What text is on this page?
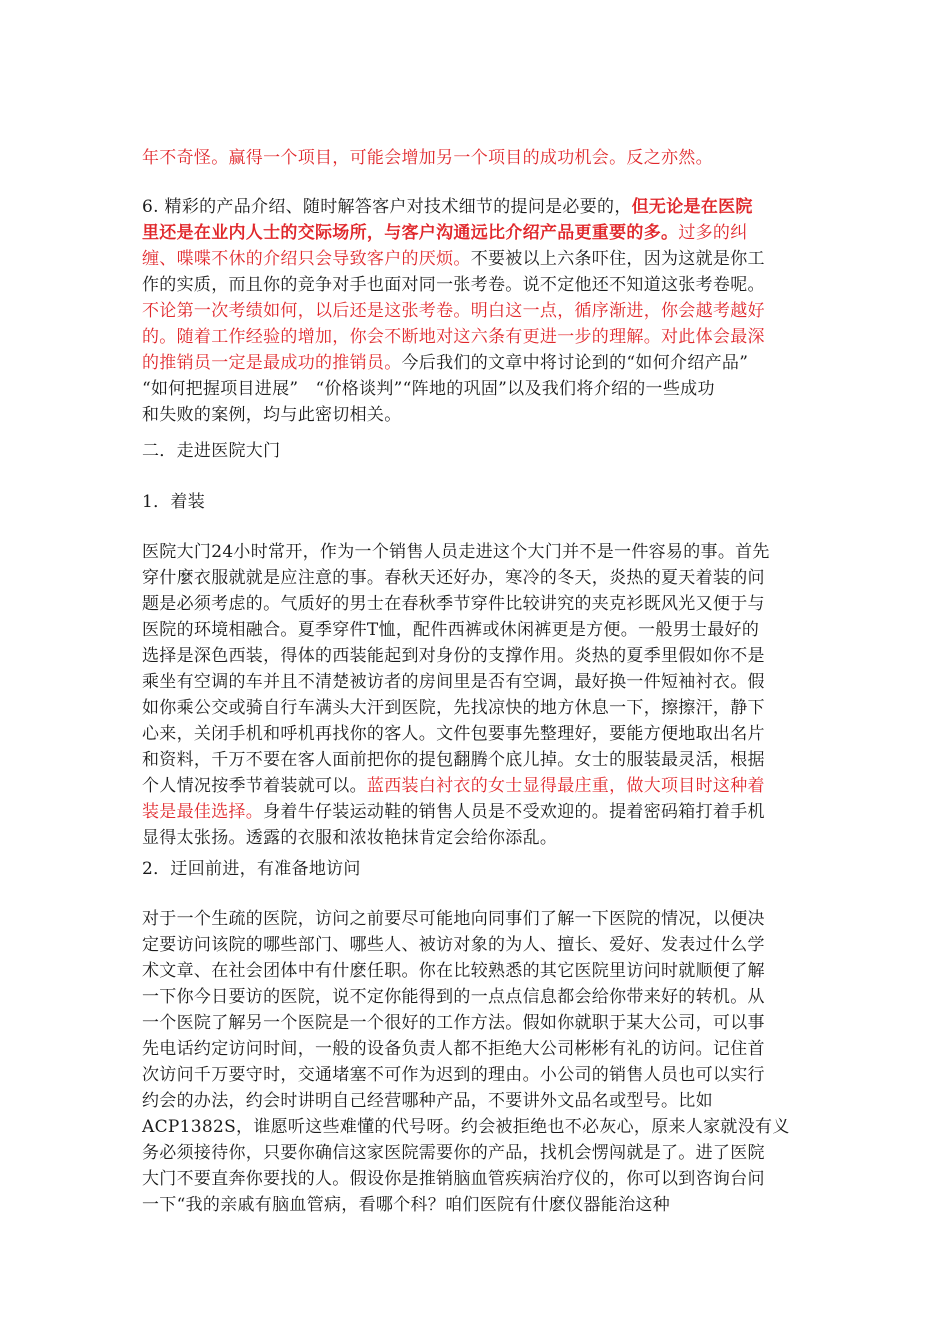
年不奇怪。赢得一个项目，可能会增加另一个项目的成功机会。反之亦然。

6. 精彩的产品介绍、随时解答客户对技术细节的提问是必要的，但无论是在医院
里还是在业内人士的交际场所，与客户沟通远比介绍产品更重要的多。过多的纠
缠、喋喋不休的介绍只会导致客户的厌烦。不要被以上六条吓住，因为这就是你工
作的实质，而且你的竞争对手也面对同一张考卷。说不定他还不知道这张考卷呢。
不论第一次考绩如何，以后还是这张考卷。明白这一点，循序渐进，你会越考越好
的。随着工作经验的增加，你会不断地对这六条有更进一步的理解。对此体会最深
的推销员一定是最成功的推销员。今后我们的文章中将讨论到的“如何介绍产品”
“如何把握项目进展”   “价格谈判”“阵地的巩固”以及我们将介绍的一些成功
和失败的案例，均与此密切相关。

二．走进医院大门

1．着装

医院大门24小时常开，作为一个销售人员走进这个大门并不是一件容易的事。首先
穿什麼衣服就就是应注意的事。春秋天还好办，寒冷的冬天，炎热的夏天着装的问
题是必须考虑的。气质好的男士在春秋季节穿件比较讲究的夹克衫既风光又便于与
医院的环境相融合。夏季穿件T恤，配件西裤或休闲裤更是方便。一般男士最好的
选择是深色西装，得体的西装能起到对身份的支撑作用。炎热的夏季里假如你不是
乘坐有空调的车并且不清楚被访者的房间里是否有空调，最好换一件短袖衬衣。假
如你乘公交或骑自行车满头大汗到医院，先找凉快的地方休息一下，擦擦汗，静下
心来，关闭手机和呼机再找你的客人。文件包要事先整理好，要能方便地取出名片
和资料，千万不要在客人面前把你的提包翻腾个底儿掉。女士的服装最灵活，根据
个人情况按季节着装就可以。蓝西装白衬衣的女士显得最庄重，做大项目时这种着
装是最佳选择。身着牛仔装运动鞋的销售人员是不受欢迎的。提着密码箱打着手机
显得太张扬。透露的衣服和浓妆艳抹肯定会给你添乱。

2．迂回前进，有准备地访问

对于一个生疏的医院，访问之前要尽可能地向同事们了解一下医院的情况，以便决
定要访问该院的哪些部门、哪些人、被访对象的为人、擅长、爱好、发表过什么学
术文章、在社会团体中有什麽任职。你在比较熟悉的其它医院里访问时就顺便了解
一下你今日要访的医院，说不定你能得到的一点点信息都会给你带来好的转机。从
一个医院了解另一个医院是一个很好的工作方法。假如你就职于某大公司，可以事
先电话约定访问时间，一般的设备负责人都不拒绝大公司彬彬有礼的访问。记住首
次访问千万要守时，交通堵塞不可作为迟到的理由。小公司的销售人员也可以实行
约会的办法，约会时讲明自己经营哪种产品，不要讲外文品名或型号。比如
ACP1382S，谁愿听这些难懂的代号呀。约会被拒绝也不必灰心，原来人家就没有义
务必须接待你，只要你确信这家医院需要你的产品，找机会愣闯就是了。进了医院
大门不要直奔你要找的人。假设你是推销脑血管疾病治疗仪的，你可以到咨询台问
一下“我的亲戚有脑血管病，看哪个科？咱们医院有什麽仪器能治这种
